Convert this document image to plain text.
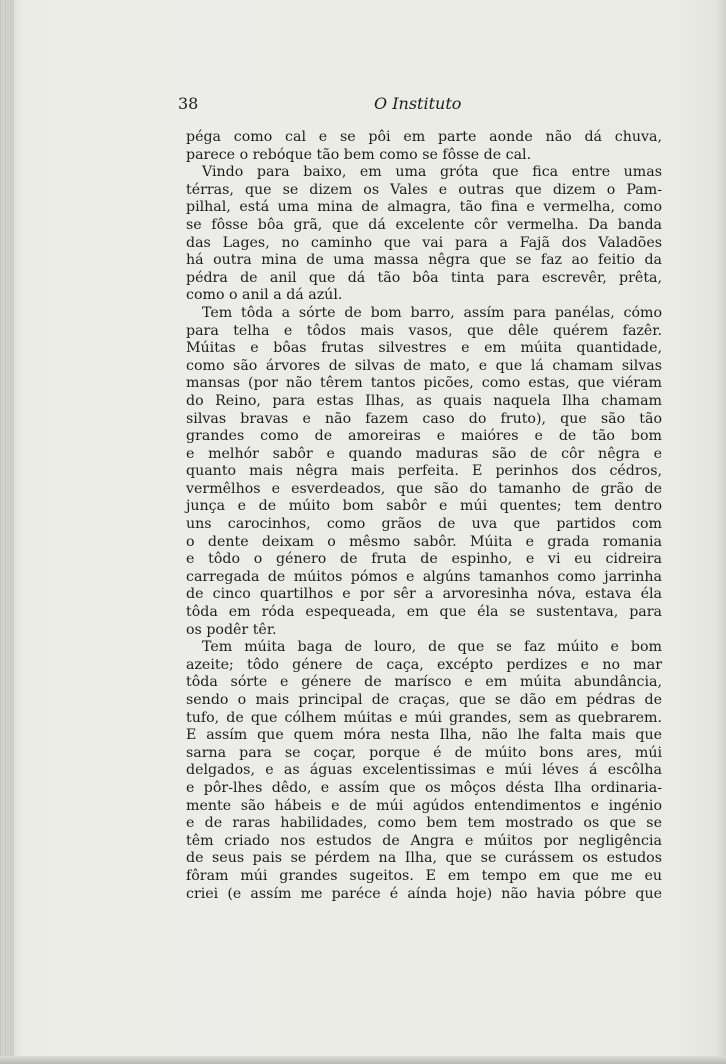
38	O Instituto
péga como cal e se pôi em parte aonde não dá chuva,
parece o rebóque tão bem como se fôsse de cal.
Vindo para baixo, em uma gróta que fica entre umas
térras, que se dizem os Vales e outras que dizem o Pam-
pilhal, está uma mina de almagra, tão fina e vermelha, como
se fôsse bôa grã, que dá excelente côr vermelha. Da banda
das Lages, no caminho que vai para a Fajã dos Valadões
há outra mina de uma massa nêgra que se faz ao feitio da
pédra de anil que dá tão bôa tinta para escrevêr, prêta,
como o anil a dá azúl.
Tem tôda a sórte de bom barro, assím para panélas, cómo
para telha e tôdos mais vasos, que dêle quérem fazêr.
Múitas e bôas frutas silvestres e em múita quantidade,
como são árvores de silvas de mato, e que lá chamam silvas
mansas (por não têrem tantos picões, como estas, que viéram
do Reino, para estas Ilhas, as quais naquela Ilha chamam
silvas bravas e não fazem caso do fruto), que são tão
grandes como de amoreiras e maióres e de tão bom
e melhór sabôr e quando maduras são de côr nêgra e
quanto mais nêgra mais perfeita. E perinhos dos cédros,
vermêlhos e esverdeados, que são do tamanho de grão de
junça e de múito bom sabôr e múi quentes; tem dentro
uns carocinhos, como grãos de uva que partidos com
o dente deixam o mêsmo sabôr. Múita e grada romania
e tôdo o género de fruta de espinho, e vi eu cidreira
carregada de múitos pómos e algúns tamanhos como jarrinha
de cinco quartilhos e por sêr a arvoresinha nóva, estava éla
tôda em róda espequeada, em que éla se sustentava, para
os podêr têr.
Tem múita baga de louro, de que se faz múito e bom
azeite; tôdo génere de caça, excépto perdizes e no mar
tôda sórte e génere de marísco e em múita abundância,
sendo o mais principal de craças, que se dão em pédras de
tufo, de que cólhem múitas e múi grandes, sem as quebrarem.
E assím que quem móra nesta Ilha, não lhe falta mais que
sarna para se coçar, porque é de múito bons ares, múi
delgados, e as águas excelentissimas e múi léves á escôlha
e pôr-lhes dêdo, e assím que os môços désta Ilha ordinaria-
mente são hábeis e de múi agúdos entendimentos e ingénio
e de raras habilidades, como bem tem mostrado os que se
têm criado nos estudos de Angra e múitos por negligência
de seus pais se pérdem na Ilha, que se curássem os estudos
fôram múi grandes sugeitos. E em tempo em que me eu
criei (e assím me paréce é aínda hoje) não havia póbre que
